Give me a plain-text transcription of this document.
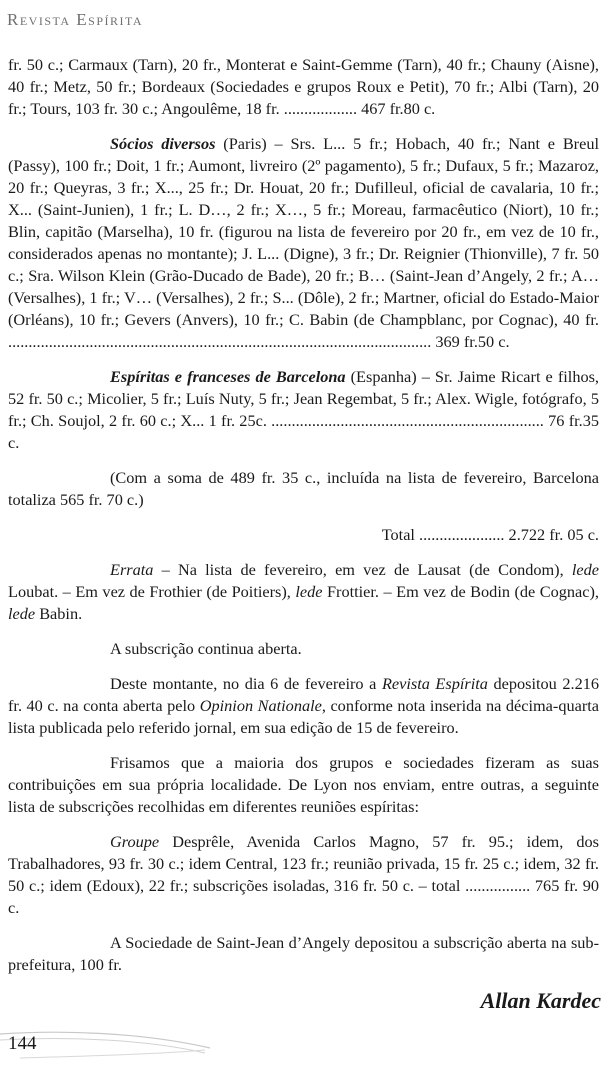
Revista Espírita

fr. 50 c.; Carmaux (Tarn), 20 fr., Monterat e Saint-Gemme (Tarn), 40 fr.; Chauny (Aisne), 40 fr.; Metz, 50 fr.; Bordeaux (Sociedades e grupos Roux e Petit), 70 fr.; Albi (Tarn), 20 fr.; Tours, 103 fr. 30 c.; Angoulême, 18 fr. .................. 467 fr.80 c.

Sócios diversos (Paris) – Srs. L... 5 fr.; Hobach, 40 fr.; Nant e Breul (Passy), 100 fr.; Doit, 1 fr.; Aumont, livreiro (2º pagamento), 5 fr.; Dufaux, 5 fr.; Mazaroz, 20 fr.; Queyras, 3 fr.; X..., 25 fr.; Dr. Houat, 20 fr.; Dufilleul, oficial de cavalaria, 10 fr.; X... (Saint-Junien), 1 fr.; L. D…, 2 fr.; X…, 5 fr.; Moreau, farmacêutico (Niort), 10 fr.; Blin, capitão (Marselha), 10 fr. (figurou na lista de fevereiro por 20 fr., em vez de 10 fr., considerados apenas no montante); J. L... (Digne), 3 fr.; Dr. Reignier (Thionville), 7 fr. 50 c.; Sra. Wilson Klein (Grão-Ducado de Bade), 20 fr.; B… (Saint-Jean d’Angely, 2 fr.; A… (Versalhes), 1 fr.; V… (Versalhes), 2 fr.; S... (Dôle), 2 fr.; Martner, oficial do Estado-Maior (Orléans), 10 fr.; Gevers (Anvers), 10 fr.; C. Babin (de Champblanc, por Cognac), 40 fr. ........................................................................................................ 369 fr.50 c.

Espíritas e franceses de Barcelona (Espanha) – Sr. Jaime Ricart e filhos, 52 fr. 50 c.; Micolier, 5 fr.; Luís Nuty, 5 fr.; Jean Regembat, 5 fr.; Alex. Wigle, fotógrafo, 5 fr.; Ch. Soujol, 2 fr. 60 c.; X... 1 fr. 25c. ................................................................... 76 fr.35 c.

(Com a soma de 489 fr. 35 c., incluída na lista de fevereiro, Barcelona totaliza 565 fr. 70 c.)

Total ..................... 2.722 fr. 05 c.

Errata – Na lista de fevereiro, em vez de Lausat (de Condom), lede Loubat. – Em vez de Frothier (de Poitiers), lede Frottier. – Em vez de Bodin (de Cognac), lede Babin.

A subscrição continua aberta.

Deste montante, no dia 6 de fevereiro a Revista Espírita depositou 2.216 fr. 40 c. na conta aberta pelo Opinion Nationale, conforme nota inserida na décima-quarta lista publicada pelo referido jornal, em sua edição de 15 de fevereiro.

Frisamos que a maioria dos grupos e sociedades fizeram as suas contribuições em sua própria localidade. De Lyon nos enviam, entre outras, a seguinte lista de subscrições recolhidas em diferentes reuniões espíritas:

Groupe Desprêle, Avenida Carlos Magno, 57 fr. 95.; idem, dos Trabalhadores, 93 fr. 30 c.; idem Central, 123 fr.; reunião privada, 15 fr. 25 c.; idem, 32 fr. 50 c.; idem (Edoux), 22 fr.; subscrições isoladas, 316 fr. 50 c. – total ................ 765 fr. 90 c.

A Sociedade de Saint-Jean d’Angely depositou a subscrição aberta na sub-prefeitura, 100 fr.

Allan Kardec
144
